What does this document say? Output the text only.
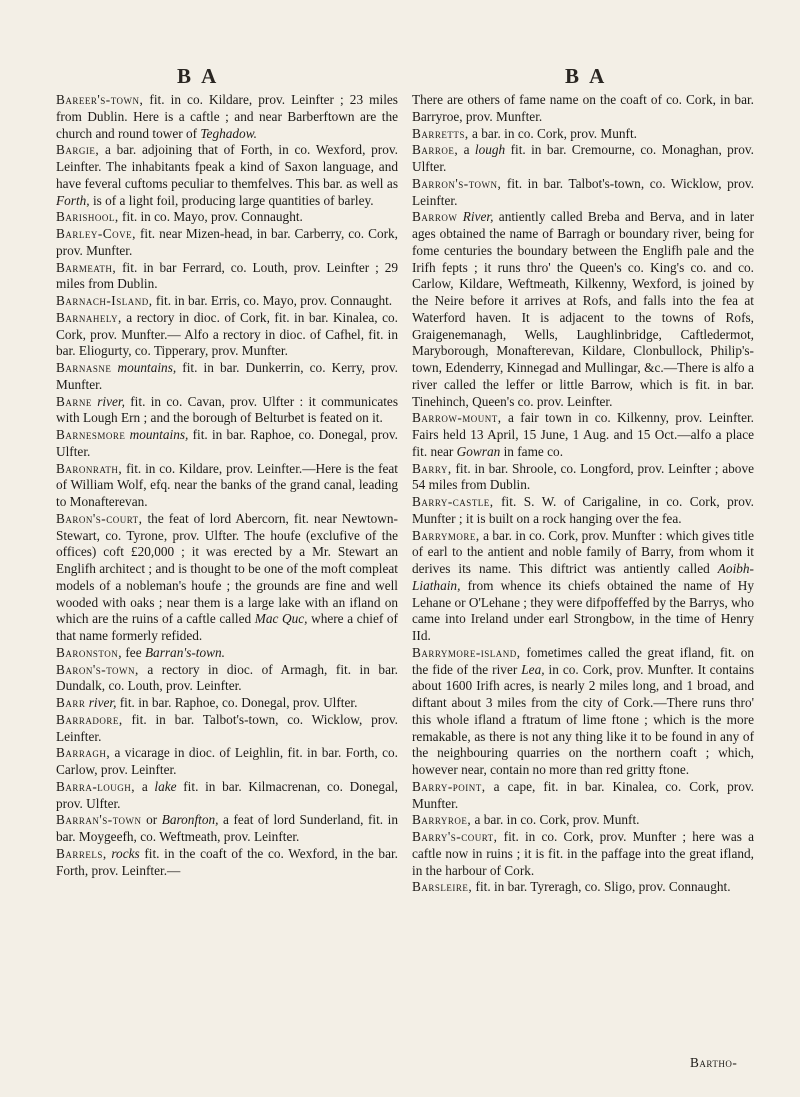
B A	B A

Bareer's-town, fit. in co. Kildare, prov. Leinfter ; 23 miles from Dublin. Here is a caftle ; and near Barberftown are the church and round tower of Teghadow.

Bargie, a bar. adjoining that of Forth, in co. Wexford, prov. Leinfter. The inhabitants fpeak a kind of Saxon language, and have feveral cuftoms peculiar to themfelves. This bar. as well as Forth, is of a light foil, producing large quantities of barley.

Barishool, fit. in co. Mayo, prov. Connaught.

Barley-Cove, fit. near Mizen-head, in bar. Carberry, co. Cork, prov. Munfter.

Barmeath, fit. in bar Ferrard, co. Louth, prov. Leinfter ; 29 miles from Dublin.

Barnach-Island, fit. in bar. Erris, co. Mayo, prov. Connaught.

Barnahely, a rectory in dioc. of Cork, fit. in bar. Kinalea, co. Cork, prov. Munfter.— Alfo a rectory in dioc. of Cafhel, fit. in bar. Eliogurty, co. Tipperary, prov. Munfter.

Barnasne mountains, fit. in bar. Dunkerrin, co. Kerry, prov. Munfter.

Barne river, fit. in co. Cavan, prov. Ulfter : it communicates with Lough Ern ; and the borough of Belturbet is feated on it.

Barnesmore mountains, fit. in bar. Raphoe, co. Donegal, prov. Ulfter.

Baronrath, fit. in co. Kildare, prov. Leinfter.—Here is the feat of William Wolf, efq. near the banks of the grand canal, leading to Monafterevan.

Baron's-court, the feat of lord Abercorn, fit. near Newtown-Stewart, co. Tyrone, prov. Ulfter. The houfe (exclufive of the offices) coft £20,000 ; it was erected by a Mr. Stewart an Englifh architect ; and is thought to be one of the moft compleat models of a nobleman's houfe ; the grounds are fine and well wooded with oaks ; near them is a large lake with an ifland on which are the ruins of a caftle called Mac Quc, where a chief of that name formerly refided.

Baronston, fee Barran's-town.

Baron's-town, a rectory in dioc. of Armagh, fit. in bar. Dundalk, co. Louth, prov. Leinfter.

Barr river, fit. in bar. Raphoe, co. Donegal, prov. Ulfter.

Barradore, fit. in bar. Talbot's-town, co. Wicklow, prov. Leinfter.

Barragh, a vicarage in dioc. of Leighlin, fit. in bar. Forth, co. Carlow, prov. Leinfter.

Barra-lough, a lake fit. in bar. Kilmacrenan, co. Donegal, prov. Ulfter.

Barran's-town or Baronfton, a feat of lord Sunderland, fit. in bar. Moygeefh, co. Weftmeath, prov. Leinfter.

Barrels, rocks fit. in the coaft of the co. Wexford, in the bar. Forth, prov. Leinfter.—

There are others of fame name on the coaft of co. Cork, in bar. Barryroe, prov. Munfter.

Barretts, a bar. in co. Cork, prov. Munft.

Barroe, a lough fit. in bar. Cremourne, co. Monaghan, prov. Ulfter.

Barron's-town, fit. in bar. Talbot's-town, co. Wicklow, prov. Leinfter.

Barrow River, antiently called Breba and Berva, and in later ages obtained the name of Barragh or boundary river, being for fome centuries the boundary between the Englifh pale and the Irifh fepts ; it runs thro' the Queen's co. King's co. and co. Carlow, Kildare, Weftmeath, Kilkenny, Wexford, is joined by the Neire before it arrives at Rofs, and falls into the fea at Waterford haven. It is adjacent to the towns of Rofs, Graigenemanagh, Wells, Laughlinbridge, Caftledermot, Maryborough, Monafterevan, Kildare, Clonbullock, Philip's-town, Edenderry, Kinnegad and Mullingar, &c.—There is alfo a river called the leffer or little Barrow, which is fit. in bar. Tinehinch, Queen's co. prov. Leinfter.

Barrow-mount, a fair town in co. Kilkenny, prov. Leinfter. Fairs held 13 April, 15 June, 1 Aug. and 15 Oct.—alfo a place fit. near Gowran in fame co.

Barry, fit. in bar. Shroole, co. Longford, prov. Leinfter ; above 54 miles from Dublin.

Barry-castle, fit. S. W. of Carigaline, in co. Cork, prov. Munfter ; it is built on a rock hanging over the fea.

Barrymore, a bar. in co. Cork, prov. Munfter : which gives title of earl to the antient and noble family of Barry, from whom it derives its name. This diftrict was antiently called Aoibh-Liathain, from whence its chiefs obtained the name of Hy Lehane or O'Lehane ; they were difpoffeffed by the Barrys, who came into Ireland under earl Strongbow, in the time of Henry IId.

Barrymore-island, fometimes called the great ifland, fit. on the fide of the river Lea, in co. Cork, prov. Munfter. It contains about 1600 Irifh acres, is nearly 2 miles long, and 1 broad, and diftant about 3 miles from the city of Cork.—There runs thro' this whole ifland a ftratum of lime ftone ; which is the more remakable, as there is not any thing like it to be found in any of the neighbouring quarries on the northern coaft ; which, however near, contain no more than red gritty ftone.

Barry-point, a cape, fit. in bar. Kinalea, co. Cork, prov. Munfter.

Barryroe, a bar. in co. Cork, prov. Munft.

Barry's-court, fit. in co. Cork, prov. Munfter ; here was a caftle now in ruins ; it is fit. in the paffage into the great ifland, in the harbour of Cork.

Barsleire, fit. in bar. Tyreragh, co. Sligo, prov. Connaught.

Bartho-
